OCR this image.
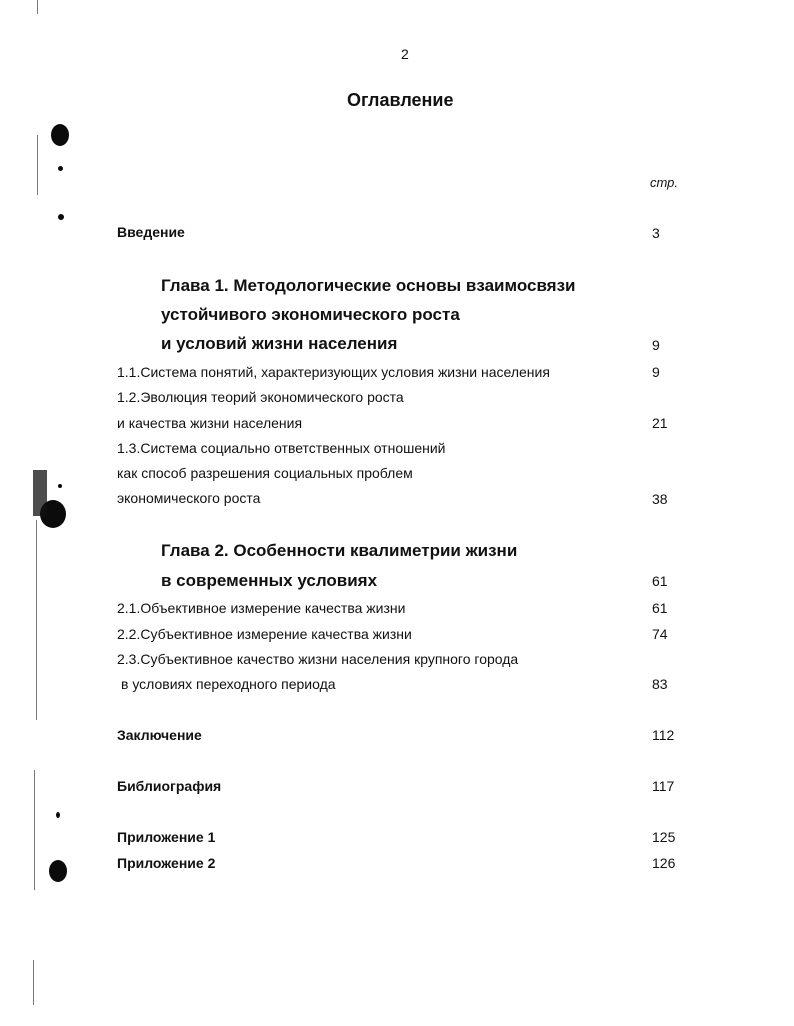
2
Оглавление
стр.
Введение	3
Глава 1. Методологические основы взаимосвязи
устойчивого экономического роста
и условий жизни населения	9
1.1.Система понятий, характеризующих условия жизни населения	9
1.2.Эволюция теорий экономического роста
и качества жизни населения	21
1.3.Система социально ответственных отношений
как способ разрешения социальных проблем
экономического роста	38
Глава 2. Особенности квалиметрии жизни
в современных условиях	61
2.1.Объективное измерение качества жизни	61
2.2.Субъективное измерение качества жизни	74
2.3.Субъективное качество жизни населения крупного города
в условиях переходного периода	83
Заключение	112
Библиография	117
Приложение 1	125
Приложение 2	126
